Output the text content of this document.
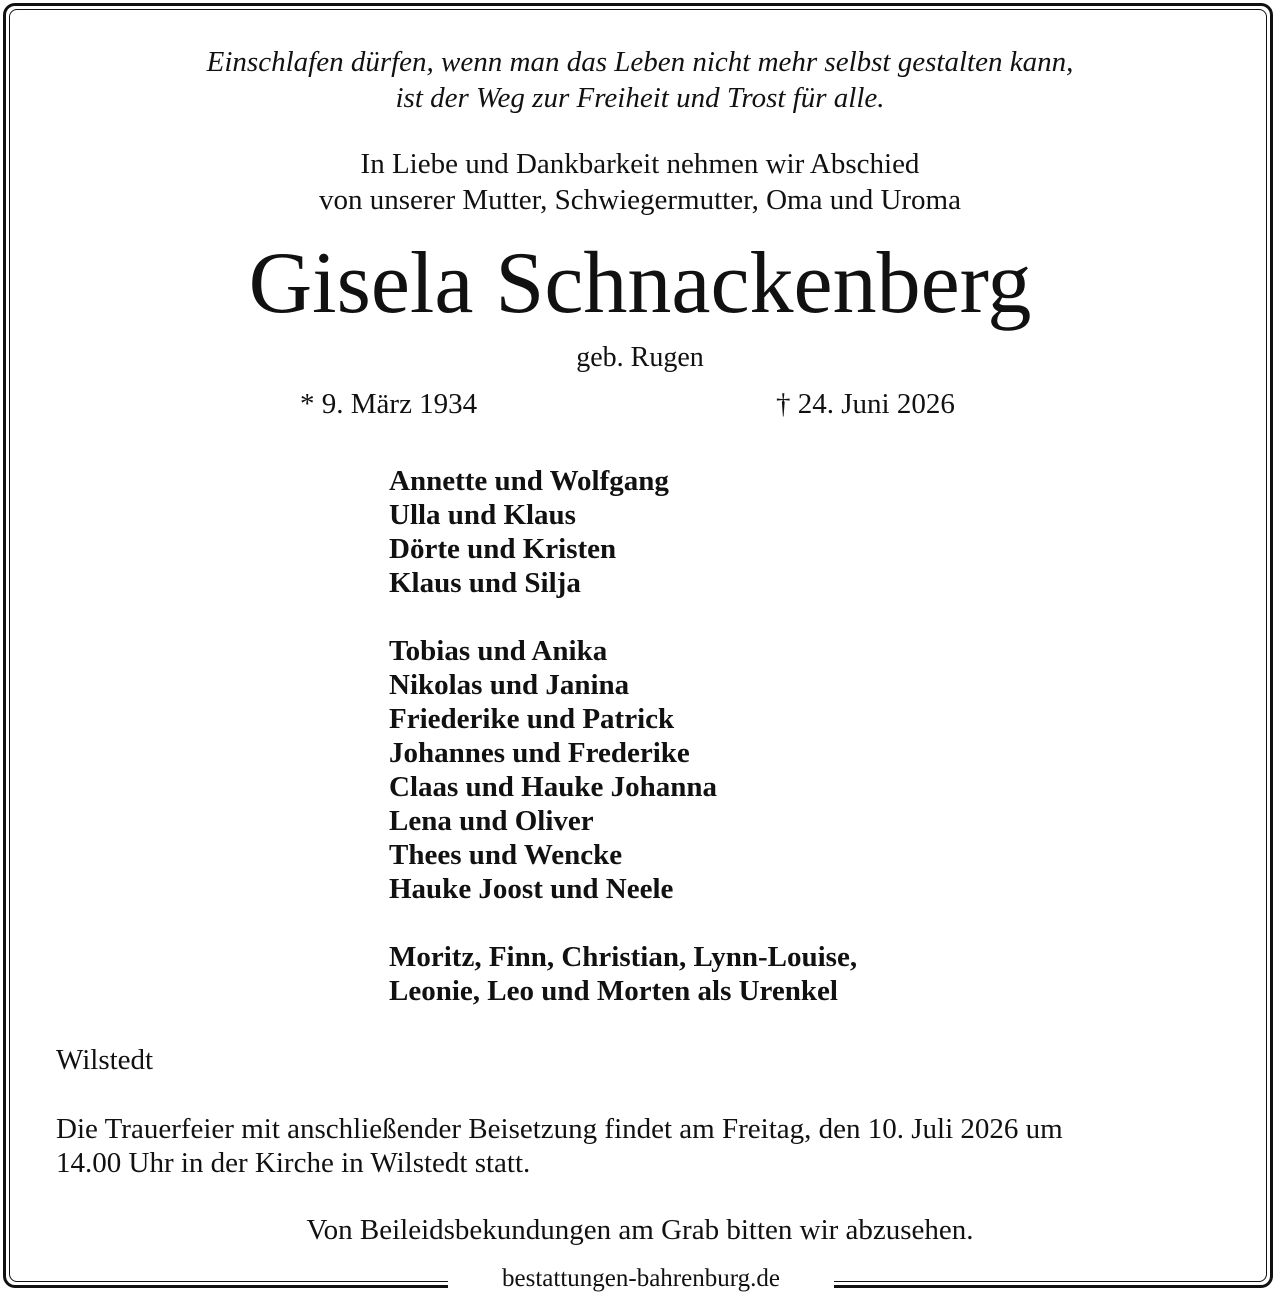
bestattungen-bahrenburg.de
Einschlafen dürfen, wenn man das Leben nicht mehr selbst gestalten kann,
ist der Weg zur Freiheit und Trost für alle.
In Liebe und Dankbarkeit nehmen wir Abschied
von unserer Mutter, Schwiegermutter, Oma und Uroma
Gisela Schnackenberg
geb. Rugen
* 9. März 1934	† 24. Juni 2026
Annette und Wolfgang
Ulla und Klaus
Dörte und Kristen
Klaus und Silja
Tobias und Anika
Nikolas und Janina
Friederike und Patrick
Johannes und Frederike
Claas und Hauke Johanna
Lena und Oliver
Thees und Wencke
Hauke Joost und Neele
Moritz, Finn, Christian, Lynn-Louise,
Leonie, Leo und Morten als Urenkel
Wilstedt
Die Trauerfeier mit anschließender Beisetzung findet am Freitag, den 10. Juli 2026 um
14.00 Uhr in der Kirche in Wilstedt statt.
Von Beileidsbekundungen am Grab bitten wir abzusehen.
